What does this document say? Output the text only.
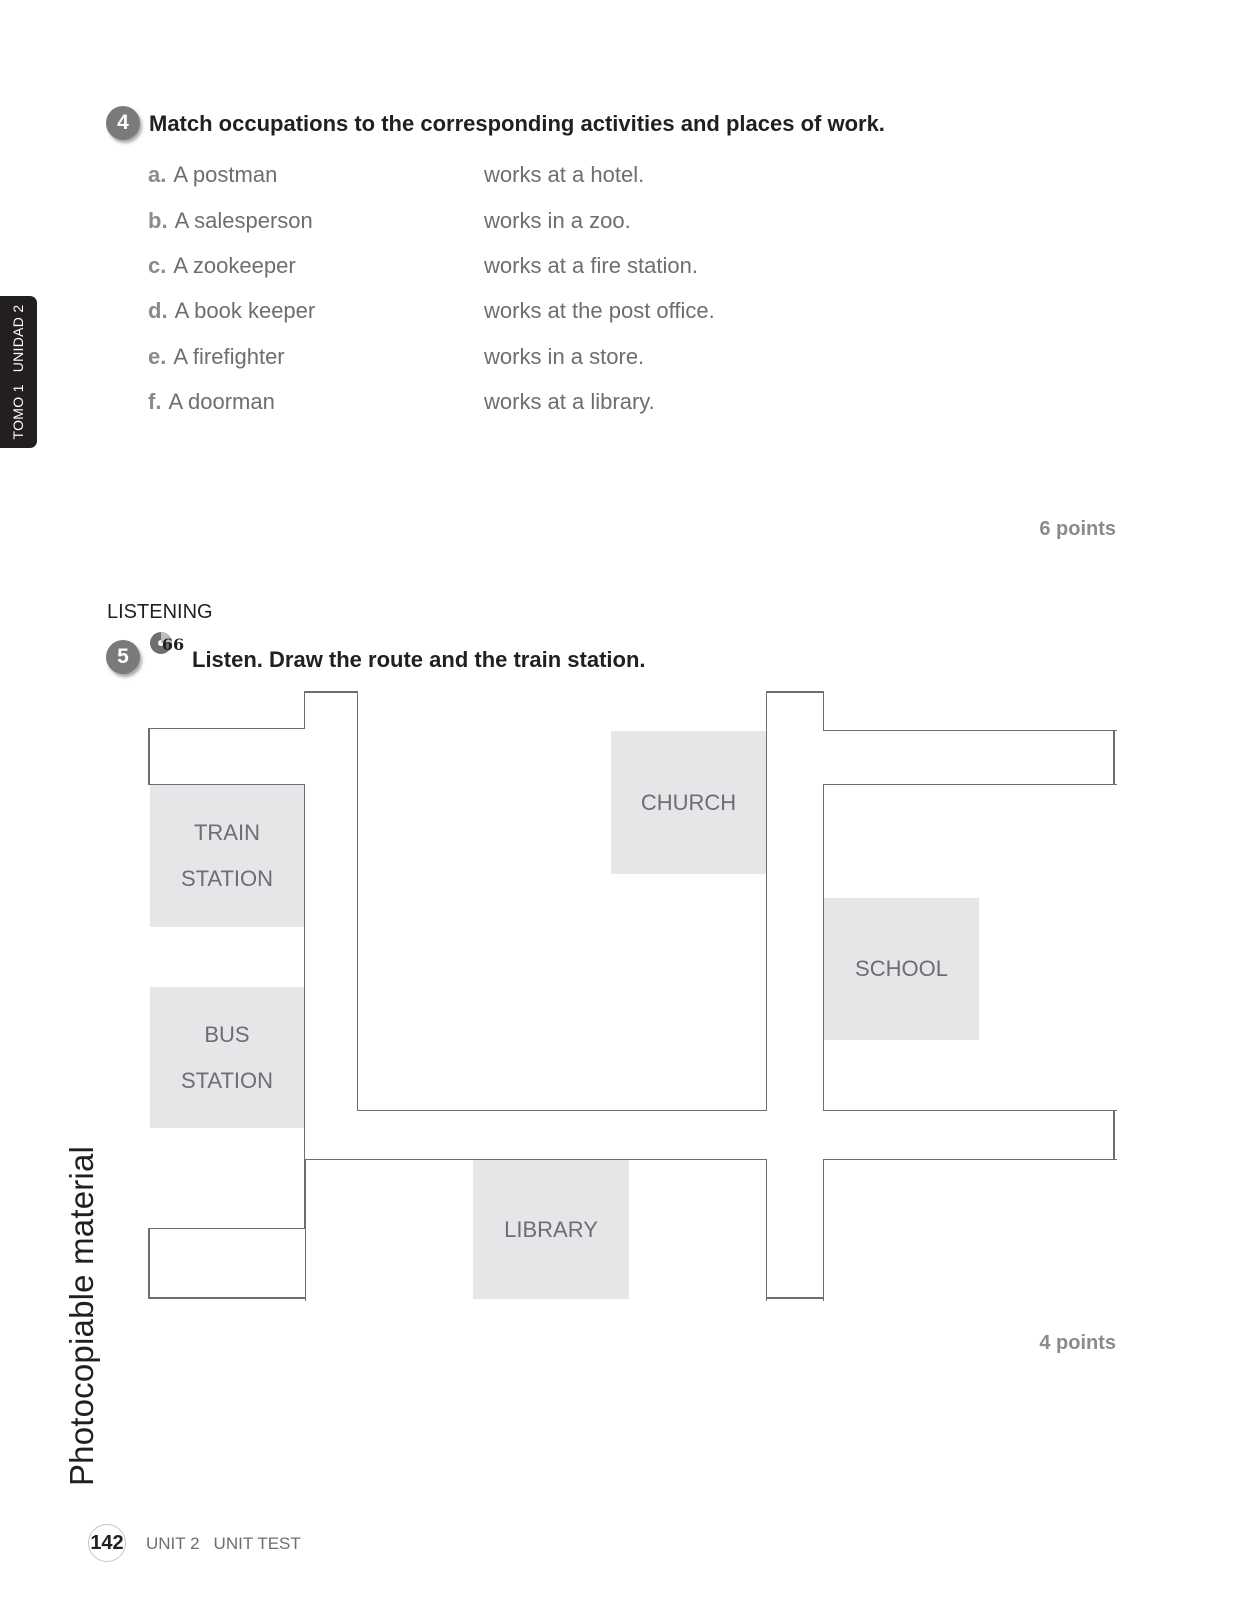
TOMO 1UNIDAD 2
Photocopiable material
4 Match occupations to the corresponding activities and places of work.
a. A postman
b. A salesperson
c. A zookeeper
d. A book keeper
e. A firefighter
f. A doorman
works at a hotel.
works in a zoo.
works at a fire station.
works at the post office.
works in a store.
works at a library.
6 points
LISTENING
5
66
Listen. Draw the route and the train station.
TRAIN
STATION
BUS
STATION
CHURCH
SCHOOL
LIBRARY
4 points
142 UNIT 2 UNIT TEST
